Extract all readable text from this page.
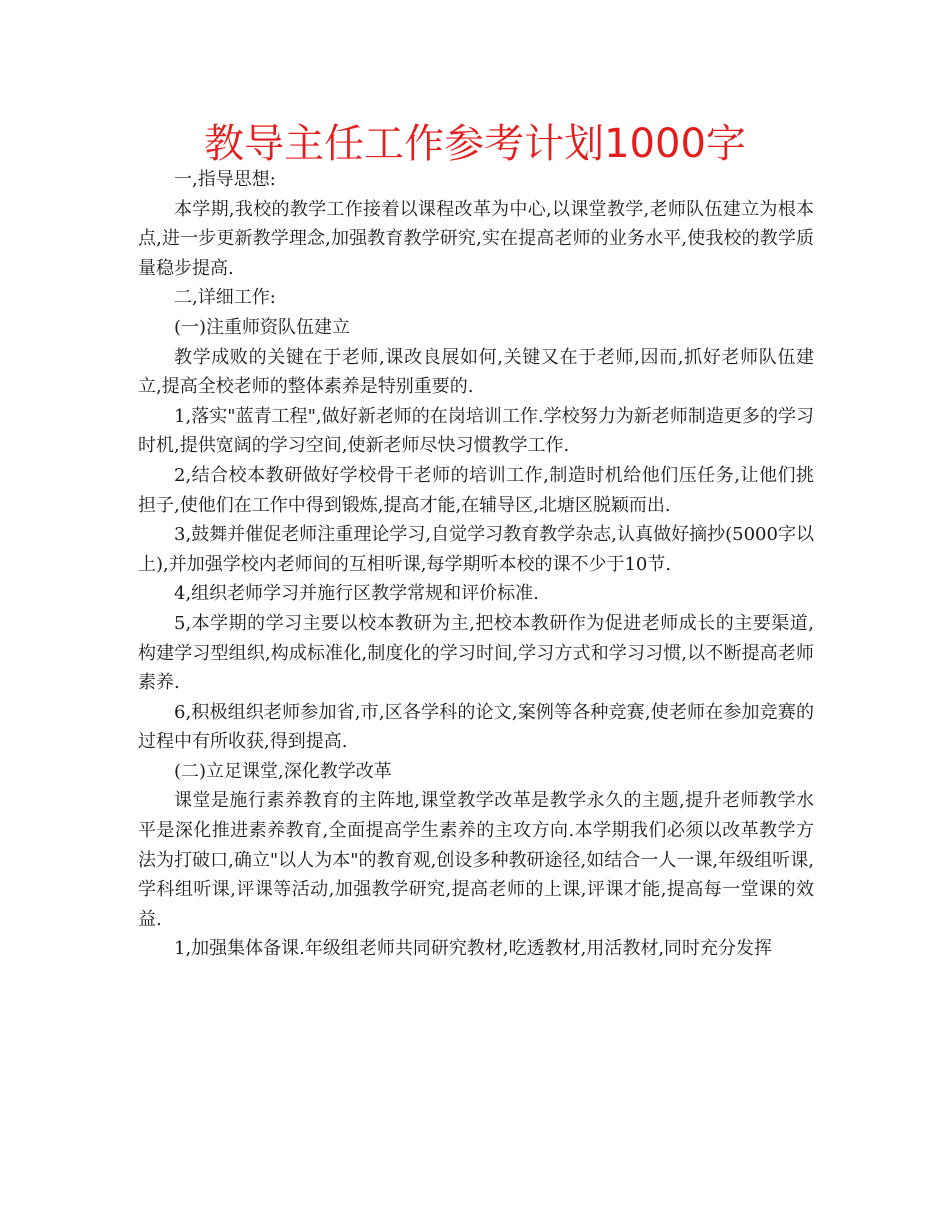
教导主任工作参考计划1000字

一,指导思想:

本学期,我校的教学工作接着以课程改革为中心,以课堂教学,老师队伍建立为根本点,进一步更新教学理念,加强教育教学研究,实在提高老师的业务水平,使我校的教学质量稳步提高.

二,详细工作:

(一)注重师资队伍建立

教学成败的关键在于老师,课改良展如何,关键又在于老师,因而,抓好老师队伍建立,提高全校老师的整体素养是特别重要的.

1,落实"蓝青工程",做好新老师的在岗培训工作.学校努力为新老师制造更多的学习时机,提供宽阔的学习空间,使新老师尽快习惯教学工作.

2,结合校本教研做好学校骨干老师的培训工作,制造时机给他们压任务,让他们挑担子,使他们在工作中得到锻炼,提高才能,在辅导区,北塘区脱颖而出.

3,鼓舞并催促老师注重理论学习,自觉学习教育教学杂志,认真做好摘抄(5000字以上),并加强学校内老师间的互相听课,每学期听本校的课不少于10节.

4,组织老师学习并施行区教学常规和评价标准.

5,本学期的学习主要以校本教研为主,把校本教研作为促进老师成长的主要渠道,构建学习型组织,构成标准化,制度化的学习时间,学习方式和学习习惯,以不断提高老师素养.

6,积极组织老师参加省,市,区各学科的论文,案例等各种竞赛,使老师在参加竞赛的过程中有所收获,得到提高.

(二)立足课堂,深化教学改革

课堂是施行素养教育的主阵地,课堂教学改革是教学永久的主题,提升老师教学水平是深化推进素养教育,全面提高学生素养的主攻方向.本学期我们必须以改革教学方法为打破口,确立"以人为本"的教育观,创设多种教研途径,如结合一人一课,年级组听课,学科组听课,评课等活动,加强教学研究,提高老师的上课,评课才能,提高每一堂课的效益.

1,加强集体备课.年级组老师共同研究教材,吃透教材,用活教材,同时充分发挥
